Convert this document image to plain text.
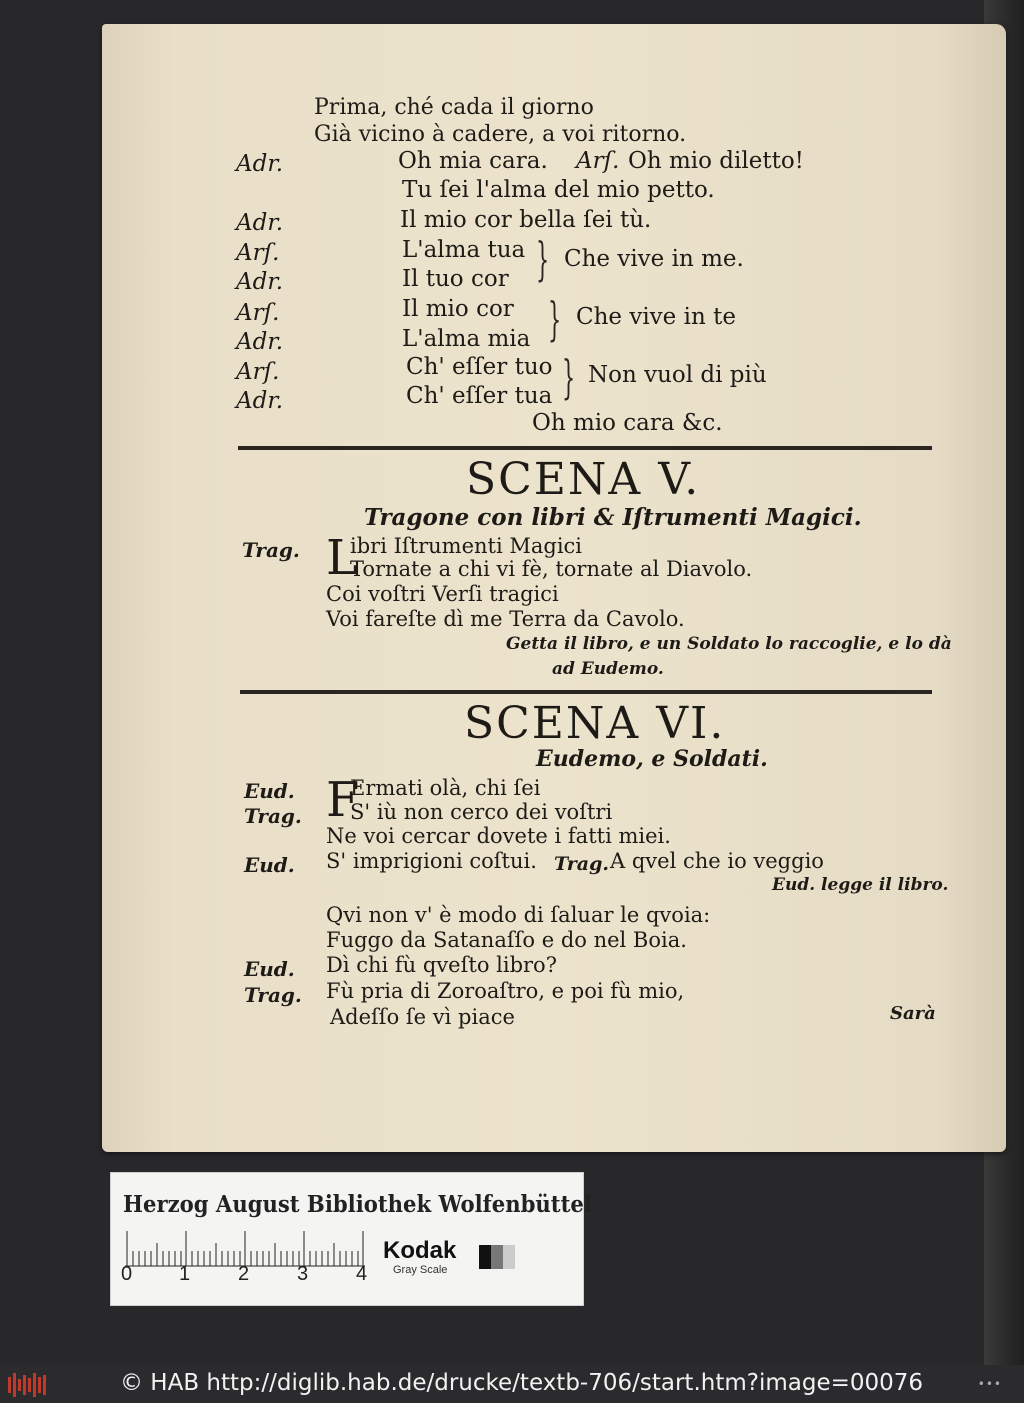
Prima, ché cada il giorno
Già vicino à cadere, a voi ritorno.
Adr.	Oh mia cara. Arſ. Oh mio diletto!
Tu ſei l'alma del mio petto.
Adr.	Il mio cor bella ſei tù.
Arſ.	L'alma tua
Adr.	Il tuo cor } Che vive in me.
Arſ.	Il mio cor
Adr.	L'alma mia } Che vive in te
Arſ.	Ch' eſſer tuo
Adr.	Ch' eſſer tua } Non vuol di più
Oh mio cara &c.
SCENA V.
Tragone con libri & Iſtrumenti Magici.
Trag. L
ibri Iſtrumenti Magici
Tornate a chi vi fè, tornate al Diavolo.
Coi voſtri Verſi tragici
Voi fareſte dì me Terra da Cavolo.
Getta il libro, e un Soldato lo raccoglie, e lo dà
ad Eudemo.
SCENA VI.
Eudemo, e Soldati.
Eud. F
Ermati olà, chi ſei
Trag. S' iù non cerco dei voſtri
Ne voi cercar dovete i fatti miei.
Eud. S' imprigioni coſtui. Trag. A qvel che io veggio
Eud. legge il libro.
Qvi non v' è modo di ſaluar le qvoia:
Fuggo da Satanaſſo e do nel Boia.
Eud. Dì chi fù qveſto libro?
Trag. Fù pria di Zoroaſtro, e poi fù mio,
Adeſſo ſe vì piace	Sarà
Herzog August Bibliothek Wolfenbüttel
0 1 2 3 4
Kodak
Gray Scale
© HAB http://diglib.hab.de/drucke/textb-706/start.htm?image=00076	•••
